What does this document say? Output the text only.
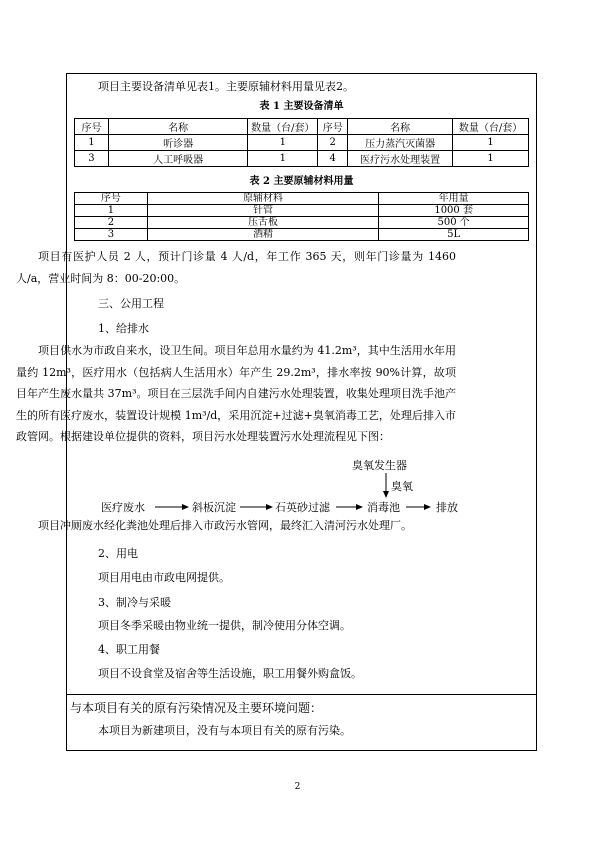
项目主要设备清单见表1。主要原辅材料用量见表2。
表 1 主要设备清单
序号	名称	数量（台/套）	序号	名称	数量（台/套）
1	听诊器	1	2	压力蒸汽灭菌器	1
3	人工呼吸器	1	4	医疗污水处理装置	1
表 2 主要原辅材料用量
序号	原辅材料	年用量
1	针管	1000 套
2	压舌板	500 个
3	酒精	5L
项目有医护人员 2 人，预计门诊量 4 人/d，年工作 365 天，则年门诊量为 1460 人/a，营业时间为 8：00-20:00。
三、公用工程
1、给排水
项目供水为市政自来水，设卫生间。项目年总用水量约为 41.2m³，其中生活用水年用量约 12m³，医疗用水（包括病人生活用水）年产生 29.2m³，排水率按 90%计算，故项目年产生废水量共 37m³。项目在三层洗手间内自建污水处理装置，收集处理项目洗手池产生的所有医疗废水，装置设计规模 1m³/d，采用沉淀+过滤+臭氧消毒工艺，处理后排入市政管网。根据建设单位提供的资料，项目污水处理装置污水处理流程见下图：
医疗废水	斜板沉淀	石英砂过滤	消毒池	排放
臭氧发生器
臭氧
项目冲厕废水经化粪池处理后排入市政污水管网，最终汇入清河污水处理厂。
2、用电
项目用电由市政电网提供。
3、制冷与采暖
项目冬季采暖由物业统一提供，制冷使用分体空调。
4、职工用餐
项目不设食堂及宿舍等生活设施，职工用餐外购盒饭。
与本项目有关的原有污染情况及主要环境问题：
本项目为新建项目，没有与本项目有关的原有污染。
2
